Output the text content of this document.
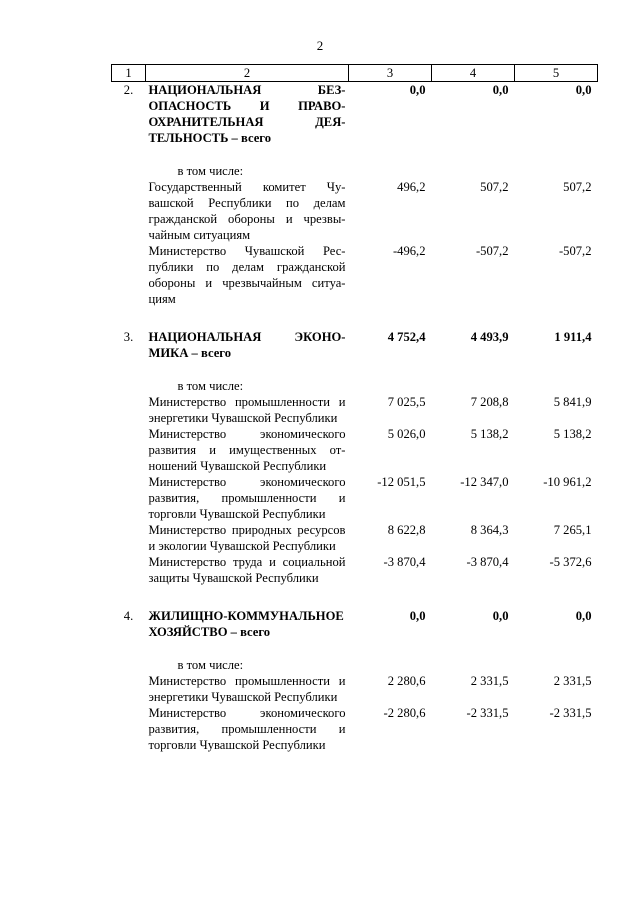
2
1	2	3	4	5
2.	НАЦИОНАЛЬНАЯ БЕЗОПАСНОСТЬ И ПРАВООХРАНИТЕЛЬНАЯ ДЕЯТЕЛЬНОСТЬ – всего	0,0	0,0	0,0

	в том числе:			
	Государственный комитет Чувашской Республики по делам гражданской обороны и чрезвычайным ситуациям	496,2	507,2	507,2
	Министерство Чувашской Республики по делам гражданской обороны и чрезвычайным ситуациям	-496,2	-507,2	-507,2

3.	НАЦИОНАЛЬНАЯ ЭКОНОМИКА – всего	4 752,4	4 493,9	1 911,4

	в том числе:			
	Министерство промышленности и энергетики Чувашской Республики	7 025,5	7 208,8	5 841,9
	Министерство экономического развития и имущественных отношений Чувашской Республики	5 026,0	5 138,2	5 138,2
	Министерство экономического развития, промышленности и торговли Чувашской Республики	-12 051,5	-12 347,0	-10 961,2
	Министерство природных ресурсов и экологии Чувашской Республики	8 622,8	8 364,3	7 265,1
	Министерство труда и социальной защиты Чувашской Республики	-3 870,4	-3 870,4	-5 372,6

4.	ЖИЛИЩНО-КОММУНАЛЬНОЕ ХОЗЯЙСТВО – всего	0,0	0,0	0,0

	в том числе:			
	Министерство промышленности и энергетики Чувашской Республики	2 280,6	2 331,5	2 331,5
	Министерство экономического развития, промышленности и торговли Чувашской Республики	-2 280,6	-2 331,5	-2 331,5
